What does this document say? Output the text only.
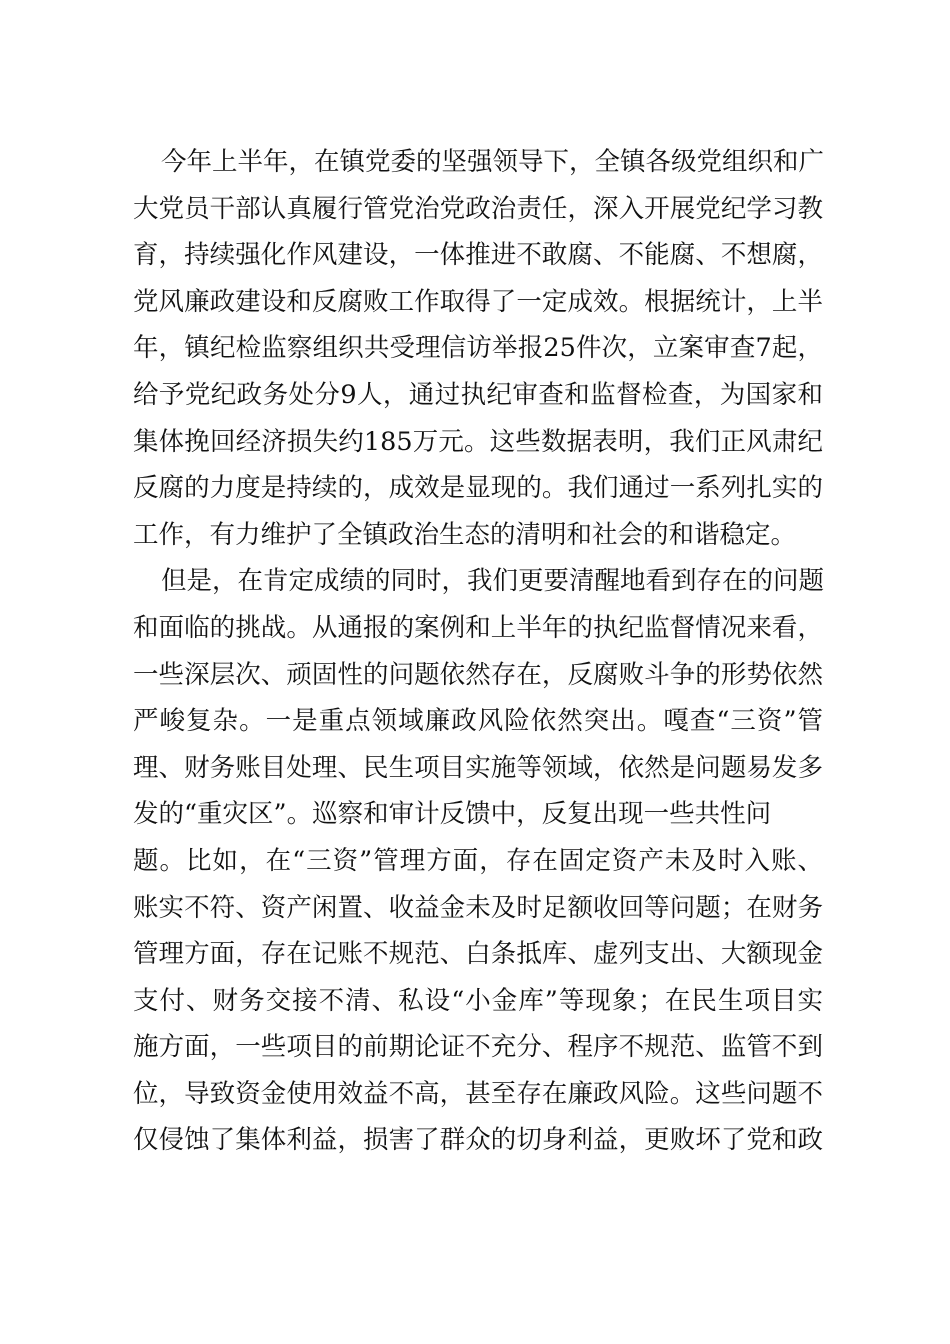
今年上半年，在镇党委的坚强领导下，全镇各级党组织和广
大党员干部认真履行管党治党政治责任，深入开展党纪学习教
育，持续强化作风建设，一体推进不敢腐、不能腐、不想腐，
党风廉政建设和反腐败工作取得了一定成效。根据统计，上半
年，镇纪检监察组织共受理信访举报25件次，立案审查7起，
给予党纪政务处分9人，通过执纪审查和监督检查，为国家和
集体挽回经济损失约185万元。这些数据表明，我们正风肃纪
反腐的力度是持续的，成效是显现的。我们通过一系列扎实的
工作，有力维护了全镇政治生态的清明和社会的和谐稳定。
但是，在肯定成绩的同时，我们更要清醒地看到存在的问题
和面临的挑战。从通报的案例和上半年的执纪监督情况来看，
一些深层次、顽固性的问题依然存在，反腐败斗争的形势依然
严峻复杂。一是重点领域廉政风险依然突出。嘎查“三资”管
理、财务账目处理、民生项目实施等领域，依然是问题易发多
发的“重灾区”。巡察和审计反馈中，反复出现一些共性问
题。比如，在“三资”管理方面，存在固定资产未及时入账、
账实不符、资产闲置、收益金未及时足额收回等问题；在财务
管理方面，存在记账不规范、白条抵库、虚列支出、大额现金
支付、财务交接不清、私设“小金库”等现象；在民生项目实
施方面，一些项目的前期论证不充分、程序不规范、监管不到
位，导致资金使用效益不高，甚至存在廉政风险。这些问题不
仅侵蚀了集体利益，损害了群众的切身利益，更败坏了党和政
